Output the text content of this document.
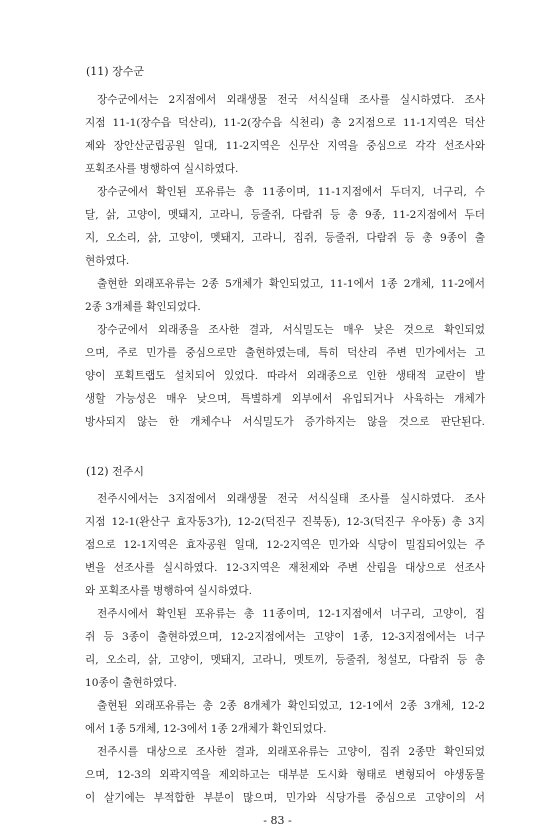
(11) 장수군
장수군에서는 2지점에서 외래생물 전국 서식실태 조사를 실시하였다. 조사
지점 11-1(장수읍 덕산리), 11-2(장수읍 식천리) 총 2지점으로 11-1지역은 덕산
제와 장안산군립공원 일대, 11-2지역은 신무산 지역을 중심으로 각각 선조사와
포획조사를 병행하여 실시하였다.
장수군에서 확인된 포유류는 총 11종이며, 11-1지점에서 두더지, 너구리, 수
달, 삵, 고양이, 멧돼지, 고라니, 등줄쥐, 다람쥐 등 총 9종, 11-2지점에서 두더
지, 오소리, 삵, 고양이, 멧돼지, 고라니, 집쥐, 등줄쥐, 다람쥐 등 총 9종이 출
현하였다.
출현한 외래포유류는 2종 5개체가 확인되었고, 11-1에서 1종 2개체, 11-2에서
2종 3개체를 확인되었다.
장수군에서 외래종을 조사한 결과, 서식밀도는 매우 낮은 것으로 확인되었
으며, 주로 민가를 중심으로만 출현하였는데, 특히 덕산리 주변 민가에서는 고
양이 포획트랩도 설치되어 있었다. 따라서 외래종으로 인한 생태적 교란이 발
생할 가능성은 매우 낮으며, 특별하게 외부에서 유입되거나 사육하는 개체가
방사되지 않는 한 개체수나 서식밀도가 증가하지는 않을 것으로 판단된다.
(12) 전주시
전주시에서는 3지점에서 외래생물 전국 서식실태 조사를 실시하였다. 조사
지점 12-1(완산구 효자동3가), 12-2(덕진구 진북동), 12-3(덕진구 우아동) 총 3지
점으로 12-1지역은 효자공원 일대, 12-2지역은 민가와 식당이 밀집되어있는 주
변을 선조사를 실시하였다. 12-3지역은 재천제와 주변 산림을 대상으로 선조사
와 포획조사를 병행하여 실시하였다.
전주시에서 확인된 포유류는 총 11종이며, 12-1지점에서 너구리, 고양이, 집
쥐 등 3종이 출현하였으며, 12-2지점에서는 고양이 1종, 12-3지점에서는 너구
리, 오소리, 삵, 고양이, 멧돼지, 고라니, 멧토끼, 등줄쥐, 청설모, 다람쥐 등 총
10종이 출현하였다.
출현된 외래포유류는 총 2종 8개체가 확인되었고, 12-1에서 2종 3개체, 12-2
에서 1종 5개체, 12-3에서 1종 2개체가 확인되었다.
전주시를 대상으로 조사한 결과, 외래포유류는 고양이, 집쥐 2종만 확인되었
으며, 12-3의 외곽지역을 제외하고는 대부분 도시화 형태로 변형되어 야생동물
이 살기에는 부적합한 부분이 많으며, 민가와 식당가를 중심으로 고양이의 서
- 83 -
